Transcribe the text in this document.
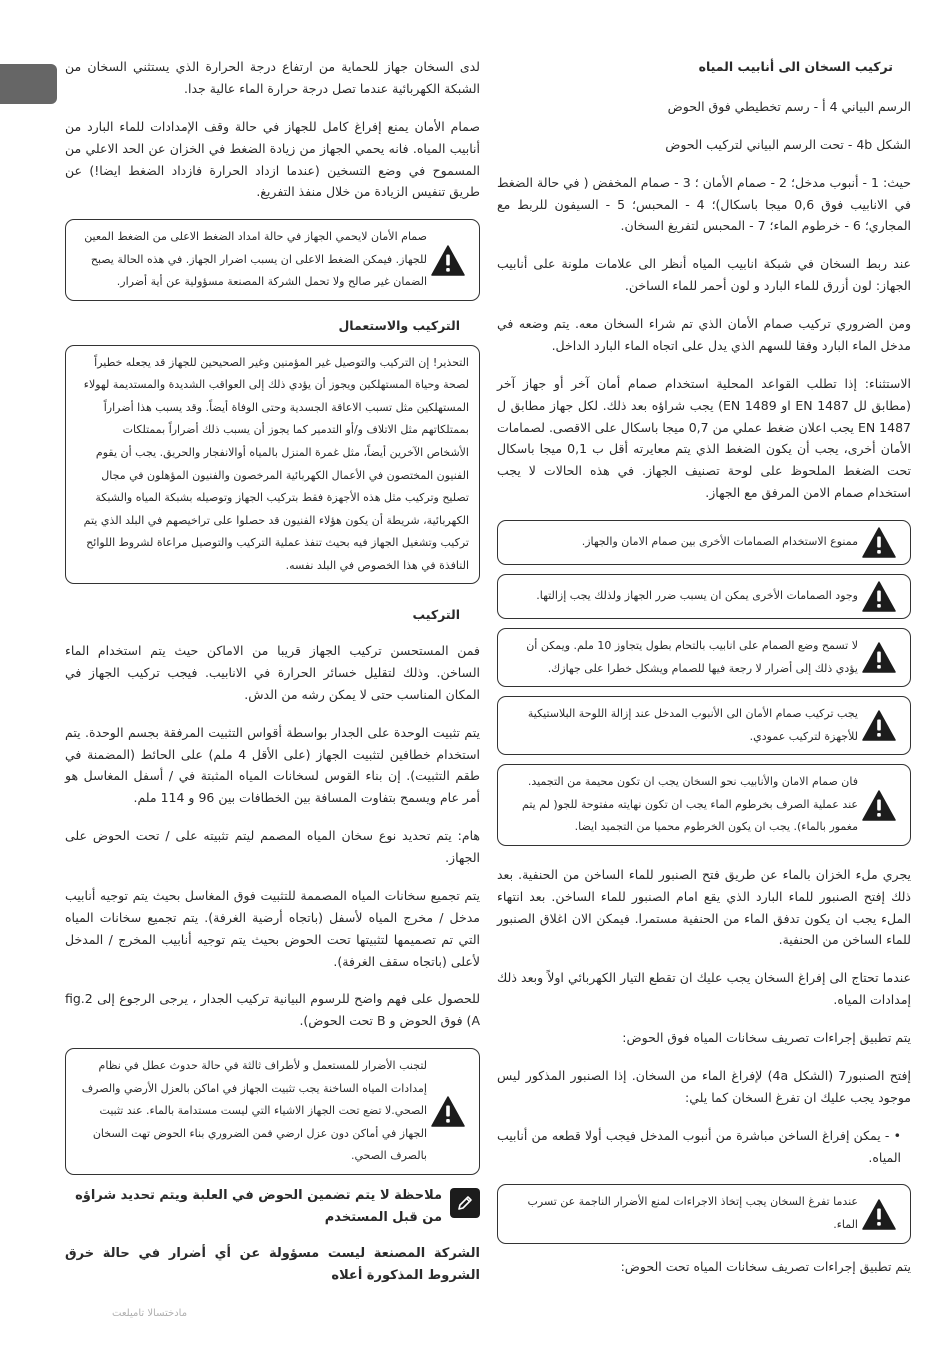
تركيب السخان الى أنابيب المياه

الرسم البياني 4 أ - رسم تخطيطي فوق الحوض

الشكل 4b - تحت الرسم البياني لتركيب الحوض

حيث: 1 - أنبوب مدخل؛ 2 - صمام الأمان ؛ 3 - صمام المخفض ( في حالة الضغط في الانابيب فوق 0,6 ميجا باسكال)؛ 4 - المحبس؛ 5 - السيفون للربط مع المجاري؛ 6 - خرطوم الماء؛ 7 - المحبس لتفريغ السخان.

عند ربط السخان في شبكة انابيب المياه أنظر الى علامات ملونة على أنابيب الجهاز: لون أزرق للماء البارد و لون أحمر للماء الساخن.

ومن الضروري تركيب صمام الأمان الذي تم شراء السخان معه. يتم وضعه في مدخل الماء البارد وفقا للسهم الذي يدل على اتجاه الماء البارد الداخل.

الاستثناء: إذا تطلب القواعد المحلية استخدام صمام أمان آخر أو جهاز آخر (مطابق لل EN 1487 او EN 1489) يجب شراؤه بعد ذلك. لكل جهاز مطابق ل EN 1487 يجب اعلان ضغط عملي من 0,7 ميجا باسكال على الاقصى. لصمامات الأمان أخرى، يجب أن يكون الضغط الذي يتم معايرته أقل ب 0,1 ميجا باسكال تحت الضغط الملحوظ على لوحة تصنيف الجهاز. في هذه الحالات لا يجب استخدام صمام الامن المرفق مع الجهاز.

ممنوع الاستخدام الصمامات الأخرى بين صمام الامان والجهاز.
وجود الصمامات الأخرى يمكن ان يسبب ضرر الجهاز ولذلك يجب إزالتها.
لا تسمح وضع الصمام على انابيب بالتحام بطول يتجاوز 10 ملم. ويمكن أن يؤدي ذلك إلى أضرار لا رجعة فيها للصمام ويشكل خطرا على جهازك.
يجب تركيب صمام الأمان الى الأنبوب المدخل عند إزالة اللوحة البلاستيكية للأجهزة لتركيب عمودي.
فان صمام الامان والأنابيب نحو السخان يجب ان تكون محيمة من التجميد. عند عملية الصرف بخرطوم الماء يجب ان تكون نهايته مفتوحة للجو( لم يتم مغمور بالماء). يجب ان يكون الخرطوم محميا من التجميد ايضا.

يجري ملء الخزان بالماء عن طريق فتح الصنبور للماء الساخن من الحنفية. بعد ذلك إفتح الصنبور للماء البارد الذي يقع امام الصنبور للماء الساخن. بعد انتهاء الملء يجب ان يكون تدفق الماء من الحنفية مستمرا. فيمكن الان اغلاق الصنبور للماء الساخن من الحنفية.

عندما تحتاج الى إفراغ السخان يجب عليك ان تقطع التيار الكهربائي اولاً وبعد ذلك إمدادات المياه.

يتم تطبيق إجراءات تصريف سخانات المياه فوق الحوض:

إفتح الصنبور7 (الشكل 4a) لإفراغ الماء من السخان. إذا الصنبور المذكور ليس موجود يجب عليك ان تفرغ السخان كما يلي:

• - يمكن إفراغ الساخن مباشرة من أنبوب المدخل فيجب أولا قطعه من أنابيب المياه.

عندما تفرغ السخان يجب إتخاذ الاجراءات لمنع الأضرار الناجمة عن تسرب الماء.

يتم تطبيق إجراءات تصريف سخانات المياه تحت الحوض:

لدى السخان جهاز للحماية من ارتفاع درجة الحرارة الذي يستثني السخان من الشبكة الكهربائية عندما تصل درجة حرارة الماء عالية جدا.

صمام الأمان يمنع إفراغ كامل للجهاز في حالة وقف الإمدادات للماء البارد من أنابيب المياه. فانه يحمي الجهاز من زيادة الضغط في الخزان عن الحد الاعلي من المسموح في وضع التسخين (عندما ازداد الحرارة فازداد الضغط ايضا!) عن طريق تنفيس الزيادة من خلال منفذ التفريغ.

صمام الأمان لايحمي الجهاز في حالة امداد الضغط الاعلى من الضغط المعين للجهاز. فيمكن الضغط الاعلى ان يسبب اضرار الجهاز. في هذه الحالة يصبح الضمان غير صالح ولا تحمل الشركة المصنعة مسؤولية عن أية أضرار.
التركيب والاستعمال
التحذير! إن التركيب والتوصيل غير المؤمنين وغير الصحيحين للجهاز قد يجعله خطيراً لصحة وحياة المستهلكين ويجوز أن يؤدي ذلك إلى العواقب الشديدة والمستديمة لهولاء المستهلكين مثل تسبب الاعاقة الجسدية وحتى الوفاة أيضاً. وقد يسبب هذا أضراراً بممتلكاتهم مثل الاتلاف و/أو التدمير كما يجوز أن يسبب ذلك أضراراً بممتلكات الأشخاص الآخرين أيضاً، مثل غمرة المنزل بالمياه أوالانفجار والحريق. يجب أن يقوم الفنيون المختصون في الأعمال الكهربائية المرخصون والفنيون المؤهلون في مجال تصليح وتركيب مثل هذه الأجهزة فقط بتركيب الجهاز وتوصيله بشبكة المياه والشبكة الكهربائية، شريطة أن يكون هؤلاء الفنيون قد حصلوا على تراخيصهم في البلد الذي يتم تركيب وتشغيل الجهاز فيه بحيث تنفذ عملية التركيب والتوصيل مراعاة لشروط اللوائح النافذة في هذا الخصوص في البلد نفسه.
التركيب

فمن المستحسن تركيب الجهاز قريبا من الاماكن حيث يتم استخدام الماء الساخن. وذلك لتقليل خسائر الحرارة في الانابيب. فيجب تركيب الجهاز في المكان المناسب حتى لا يمكن رشه من الدش.

يتم تثبيت الوحدة على الجدار بواسطة أقواس التثبيت المرفقة بجسم الوحدة. يتم استخدام خطافين لتثبيت الجهاز (على الأقل 4 ملم) على الحائط (المضمنة في طقم التثبيت). إن بناء القوس لسخانات المياه المثبتة في / أسفل المغاسل هو أمر عام ويسمح بتفاوت المسافة بين الخطافات بين 96 و 114 ملم.

هام: يتم تحديد نوع سخان المياه المصمم ليتم تثبيته على / تحت الحوض على الجهاز.

يتم تجميع سخانات المياه المصممة للتثبيت فوق المغاسل بحيث يتم توجيه أنابيب مدخل / مخرج المياه لأسفل (باتجاه أرضية الغرفة). يتم تجميع سخانات المياه التي تم تصميمها لتثبيتها تحت الحوض بحيث يتم توجيه أنابيب المخرج / المدخل لأعلى (باتجاه سقف الغرفة).

للحصول على فهم واضح للرسوم البيانية تركيب الجدار ، يرجى الرجوع إلى fig.2 A) فوق الحوض و B تحت الحوض).

لتجنب الأضرار للمستعمل و لأطراف ثالثة في حالة حدوث عطل في نظام إمدادات المياه الساخنة يجب تثبيت الجهاز في اماكن بالعزل الأرضي والصرف الصحي.لا تضع تحت الجهاز الاشياء التي ليست مستدامة بالماء. عند تثبيت الجهاز في أماكن دون عزل ارضي فمن الضروري بناء الحوض تهت السخان بالصرف الصحي.
ملاحظة لا يتم تضمين الحوض في العلبة ويتم تحديد شراؤه من قبل المستخدم

الشركة المصنعة ليست مسؤولة عن أي أضرار في حالة خرق الشروط المذكورة أعلاه

مادختسالا تاميلعت
